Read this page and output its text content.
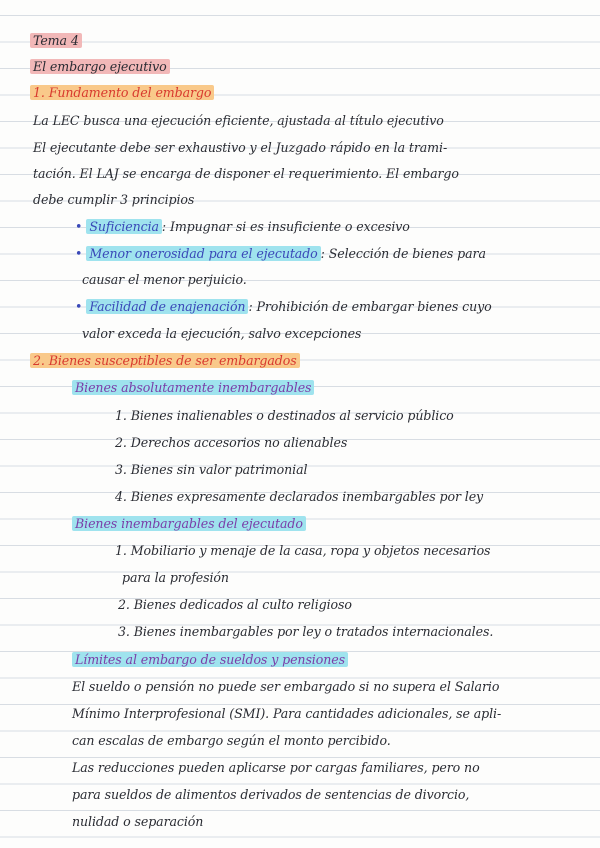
Tema 4
El embargo ejecutivo
1. Fundamento del embargo
La LEC busca una ejecución eficiente, ajustada al título ejecutivo
El ejecutante debe ser exhaustivo y el Juzgado rápido en la trami-
tación. El LAJ se encarga de disponer el requerimiento. El embargo
debe cumplir 3 principios
• Suficiencia : Impugnar si es insuficiente o excesivo
• Menor onerosidad para el ejecutado : Selección de bienes para
causar el menor perjuicio.
• Facilidad de enajenación : Prohibición de embargar bienes cuyo
valor exceda la ejecución, salvo excepciones
2. Bienes susceptibles de ser embargados
Bienes absolutamente inembargables
1. Bienes inalienables o destinados al servicio público
2. Derechos accesorios no alienables
3. Bienes sin valor patrimonial
4. Bienes expresamente declarados inembargables por ley
Bienes inembargables del ejecutado
1. Mobiliario y menaje de la casa, ropa y objetos necesarios
para la profesión
2. Bienes dedicados al culto religioso
3. Bienes inembargables por ley o tratados internacionales.
Límites al embargo de sueldos y pensiones
El sueldo o pensión no puede ser embargado si no supera el Salario
Mínimo Interprofesional (SMI). Para cantidades adicionales, se apli-
can escalas de embargo según el monto percibido.
Las reducciones pueden aplicarse por cargas familiares, pero no
para sueldos de alimentos derivados de sentencias de divorcio,
nulidad o separación
